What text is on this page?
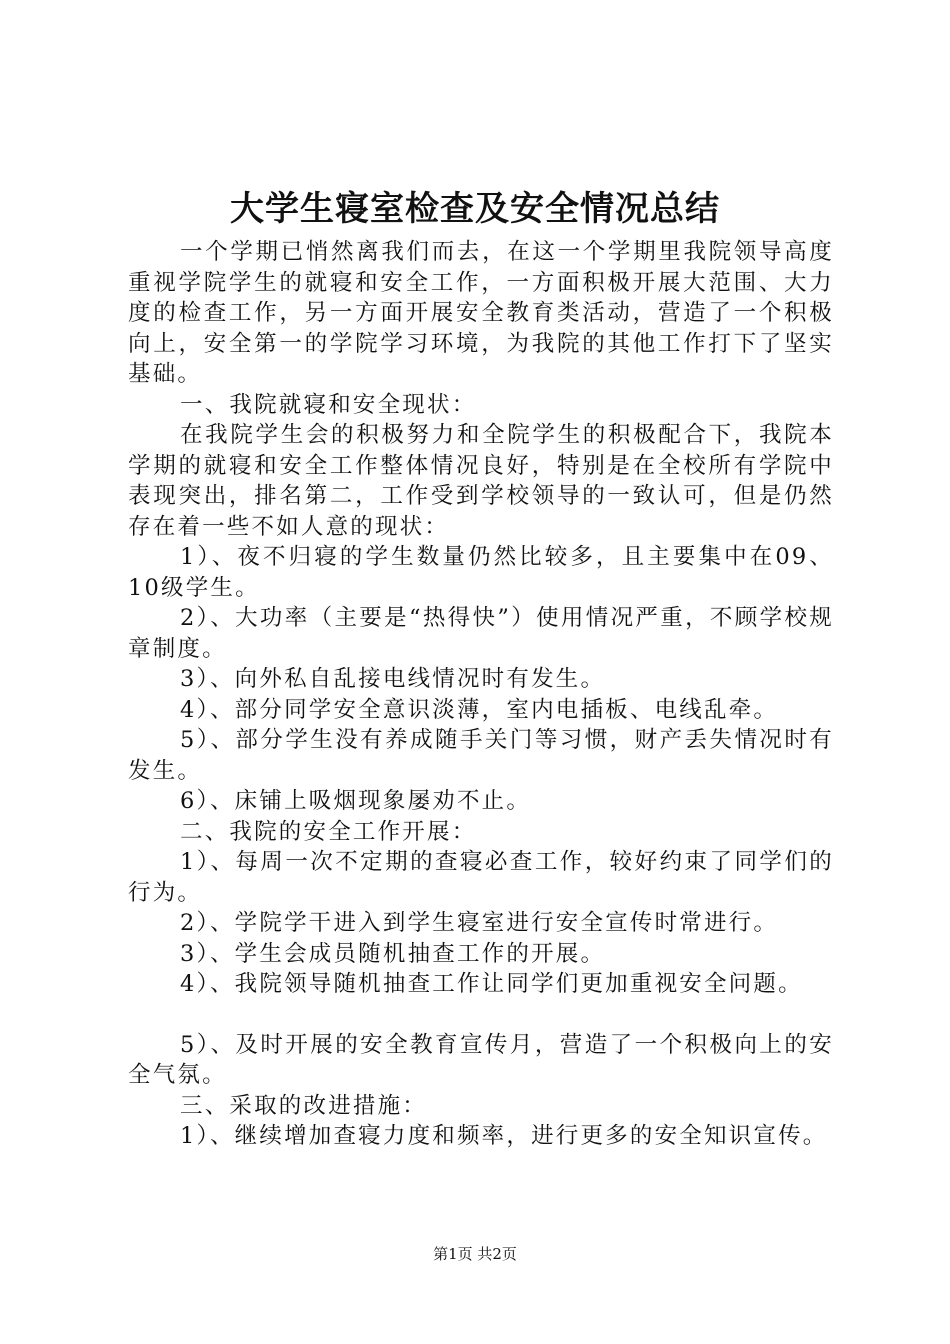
大学生寝室检查及安全情况总结

一个学期已悄然离我们而去，在这一个学期里我院领导高度重视学院学生的就寝和安全工作，一方面积极开展大范围、大力度的检查工作，另一方面开展安全教育类活动，营造了一个积极向上，安全第一的学院学习环境，为我院的其他工作打下了坚实基础。

一、我院就寝和安全现状：

在我院学生会的积极努力和全院学生的积极配合下，我院本学期的就寝和安全工作整体情况良好，特别是在全校所有学院中表现突出，排名第二，工作受到学校领导的一致认可，但是仍然存在着一些不如人意的现状：

1）、夜不归寝的学生数量仍然比较多，且主要集中在09、10级学生。

2）、大功率（主要是“热得快”）使用情况严重，不顾学校规章制度。

3）、向外私自乱接电线情况时有发生。

4）、部分同学安全意识淡薄，室内电插板、电线乱牵。

5）、部分学生没有养成随手关门等习惯，财产丢失情况时有发生。

6）、床铺上吸烟现象屡劝不止。

二、我院的安全工作开展：

1）、每周一次不定期的查寝必查工作，较好约束了同学们的行为。

2）、学院学干进入到学生寝室进行安全宣传时常进行。

3）、学生会成员随机抽查工作的开展。

4）、我院领导随机抽查工作让同学们更加重视安全问题。

5）、及时开展的安全教育宣传月，营造了一个积极向上的安全气氛。

三、采取的改进措施：

1）、继续增加查寝力度和频率，进行更多的安全知识宣传。

第1页 共2页
